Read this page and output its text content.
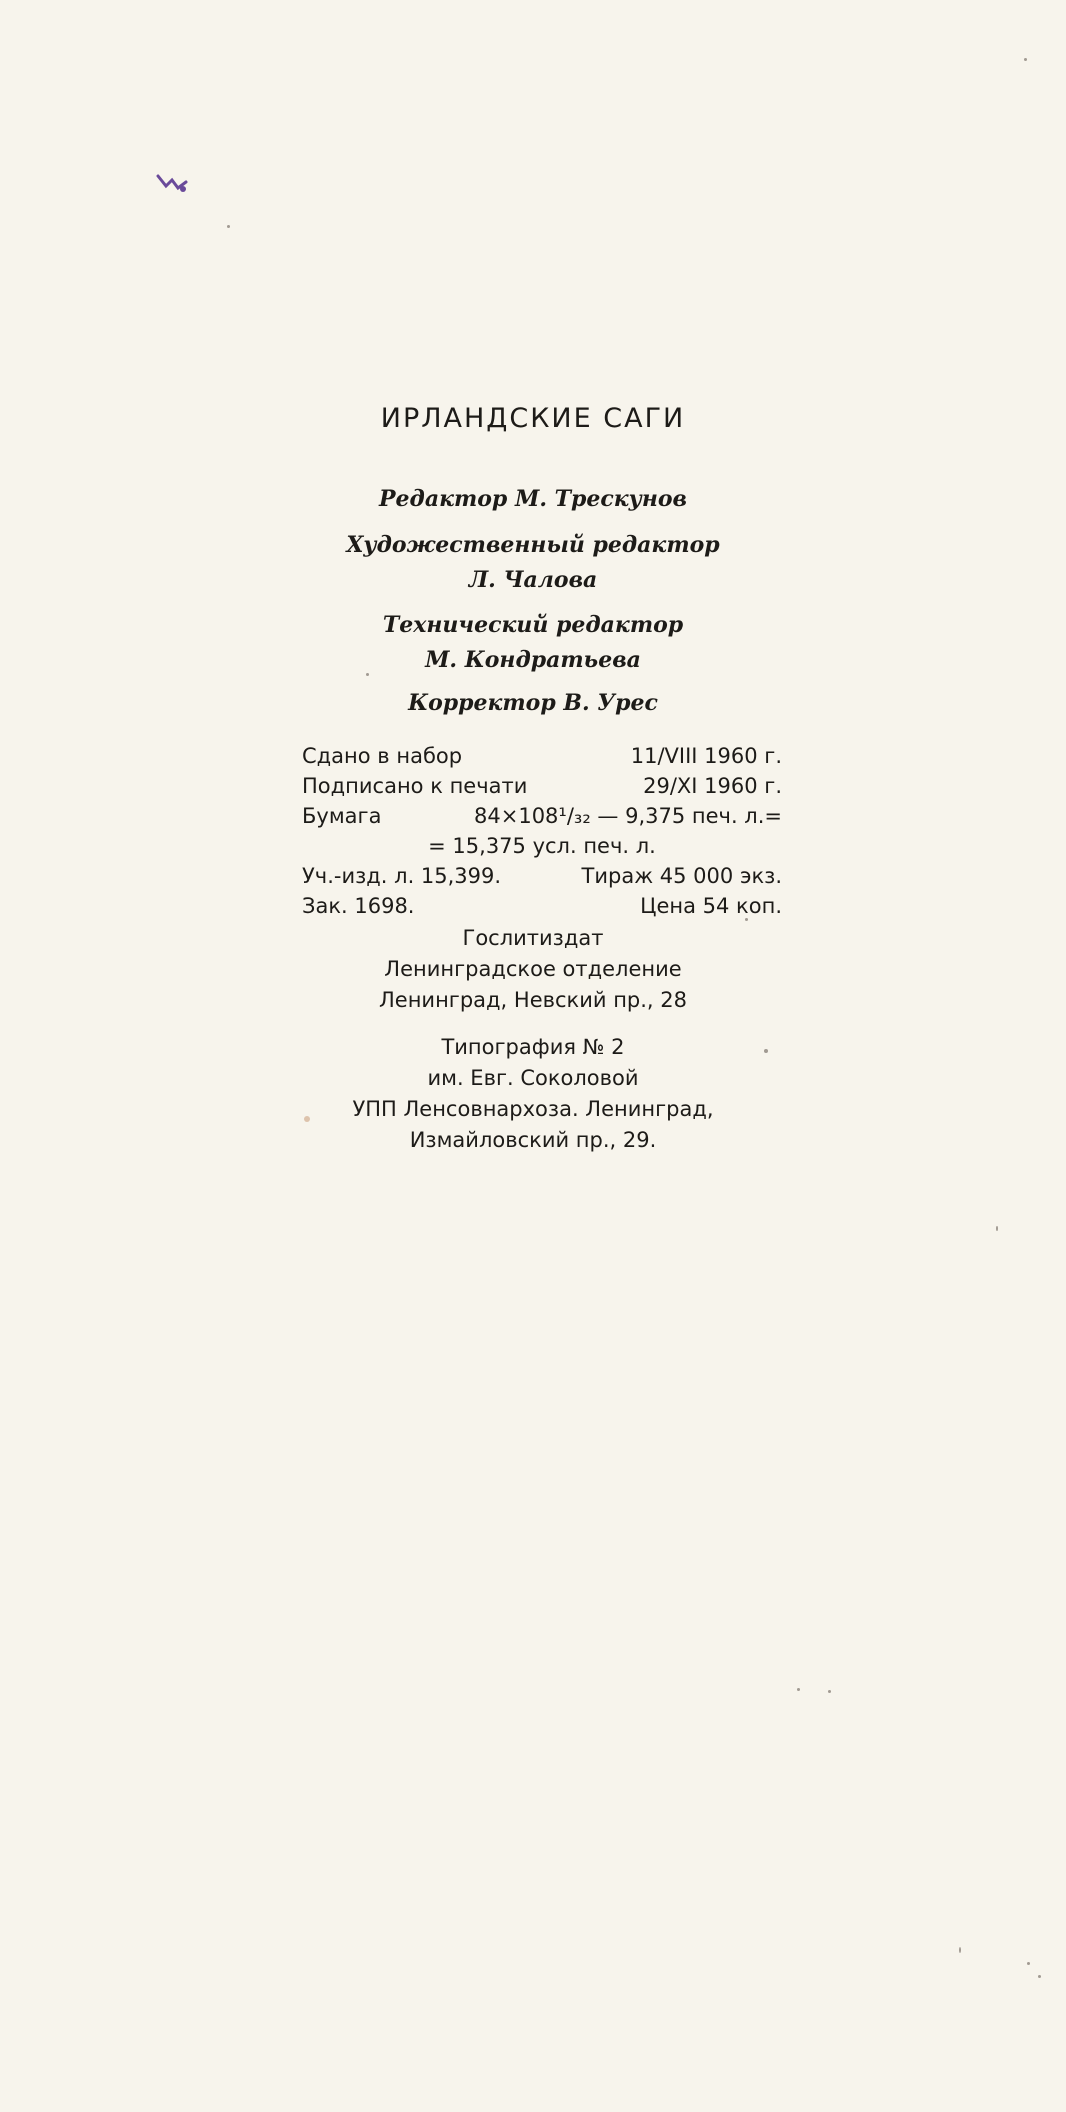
ИРЛАНДСКИЕ САГИ
Редактор М. Трескунов
Художественный редактор
Л. Чалова
Технический редактор
М. Кондратьева
Корректор В. Урес
Сдано в набор	11/VIII 1960 г.
Подписано к печати	29/XI 1960 г.
Бумага	84×108¹/₃₂ — 9,375 печ. л.=
= 15,375 усл. печ. л.
Уч.-изд. л. 15,399.	Тираж 45 000 экз.
Зак. 1698.	Цена 54 коп.
Гослитиздат
Ленинградское отделение
Ленинград, Невский пр., 28
Типография № 2
им. Евг. Соколовой
УПП Ленсовнархоза. Ленинград,
Измайловский пр., 29.
